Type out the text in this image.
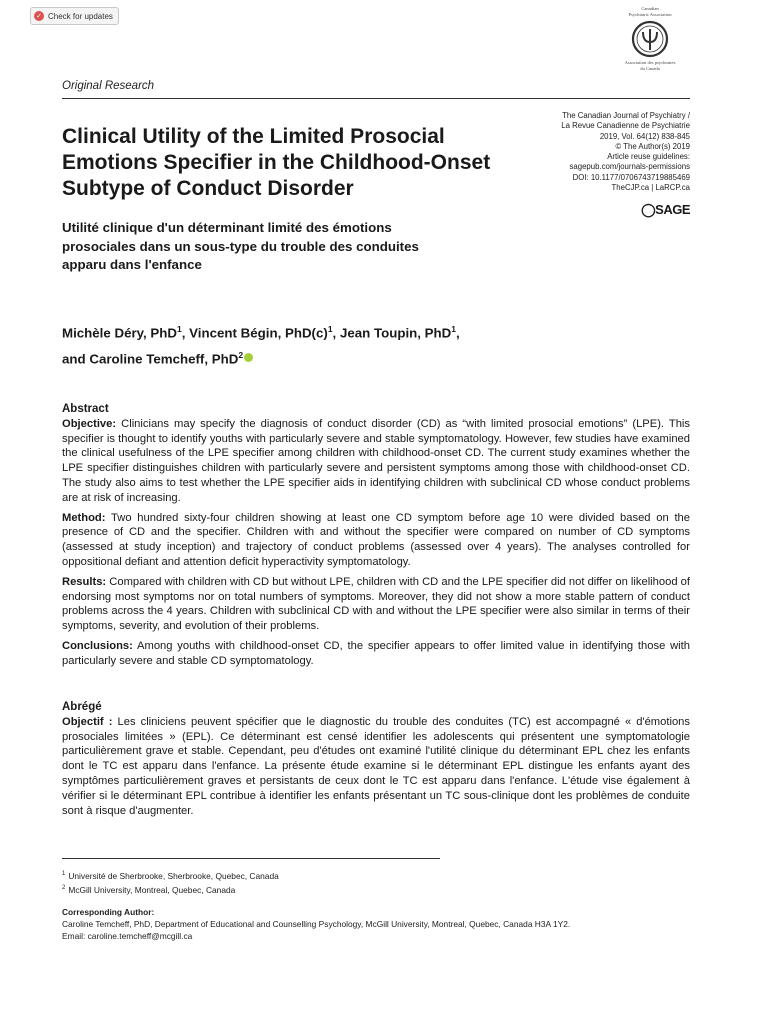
✓ Check for updates
Canadian
Psychiatric Association
Association des psychiatres
du Canada
Original Research
The Canadian Journal of Psychiatry /
La Revue Canadienne de Psychiatrie
2019, Vol. 64(12) 838-845
© The Author(s) 2019
Article reuse guidelines:
sagepub.com/journals-permissions
DOI: 10.1177/0706743719885469
TheCJP.ca | LaRCP.ca
◯SAGE
Clinical Utility of the Limited Prosocial Emotions Specifier in the Childhood-Onset Subtype of Conduct Disorder
Utilité clinique d'un déterminant limité des émotions prosociales dans un sous-type du trouble des conduites apparu dans l'enfance
Michèle Déry, PhD$^1$, Vincent Bégin, $PhD(c)^1$, Jean Toupin, PhD$^1$,
and Caroline Temcheff, PhD$^2$
Abstract

Objective: Clinicians may specify the diagnosis of conduct disorder (CD) as “with limited prosocial emotions” (LPE). This specifier is thought to identify youths with particularly severe and stable symptomatology. However, few studies have examined the clinical usefulness of the LPE specifier among children with childhood-onset CD. The current study examines whether the LPE specifier distinguishes children with particularly severe and persistent symptoms among those with childhood-onset CD. The study also aims to test whether the LPE specifier aids in identifying children with subclinical CD whose conduct problems are at risk of increasing.

Method: Two hundred sixty-four children showing at least one CD symptom before age 10 were divided based on the presence of CD and the specifier. Children with and without the specifier were compared on number of CD symptoms (assessed at study inception) and trajectory of conduct problems (assessed over 4 years). The analyses controlled for oppositional defiant and attention deficit hyperactivity symptomatology.

Results: Compared with children with CD but without LPE, children with CD and the LPE specifier did not differ on likelihood of endorsing most symptoms nor on total numbers of symptoms. Moreover, they did not show a more stable pattern of conduct problems across the 4 years. Children with subclinical CD with and without the LPE specifier were also similar in terms of their symptoms, severity, and evolution of their problems.

Conclusions: Among youths with childhood-onset CD, the specifier appears to offer limited value in identifying those with particularly severe and stable CD symptomatology.

Abrégé

Objectif : Les cliniciens peuvent spécifier que le diagnostic du trouble des conduites (TC) est accompagné « d'émotions prosociales limitées » (EPL). Ce déterminant est censé identifier les adolescents qui présentent une symptomatologie particulièrement grave et stable. Cependant, peu d'études ont examiné l'utilité clinique du déterminant EPL chez les enfants dont le TC est apparu dans l'enfance. La présente étude examine si le déterminant EPL distingue les enfants ayant des symptômes particulièrement graves et persistants de ceux dont le TC est apparu dans l'enfance. L'étude vise également à vérifier si le déterminant EPL contribue à identifier les enfants présentant un TC sous-clinique dont les problèmes de conduite sont à risque d'augmenter.

$^1$ Université de Sherbrooke, Sherbrooke, Quebec, Canada
$^2$ McGill University, Montreal, Quebec, Canada
Corresponding Author:
Caroline Temcheff, PhD, Department of Educational and Counselling Psychology, McGill University, Montreal, Quebec, Canada H3A 1Y2.
Email: caroline.temcheff@mcgill.ca
